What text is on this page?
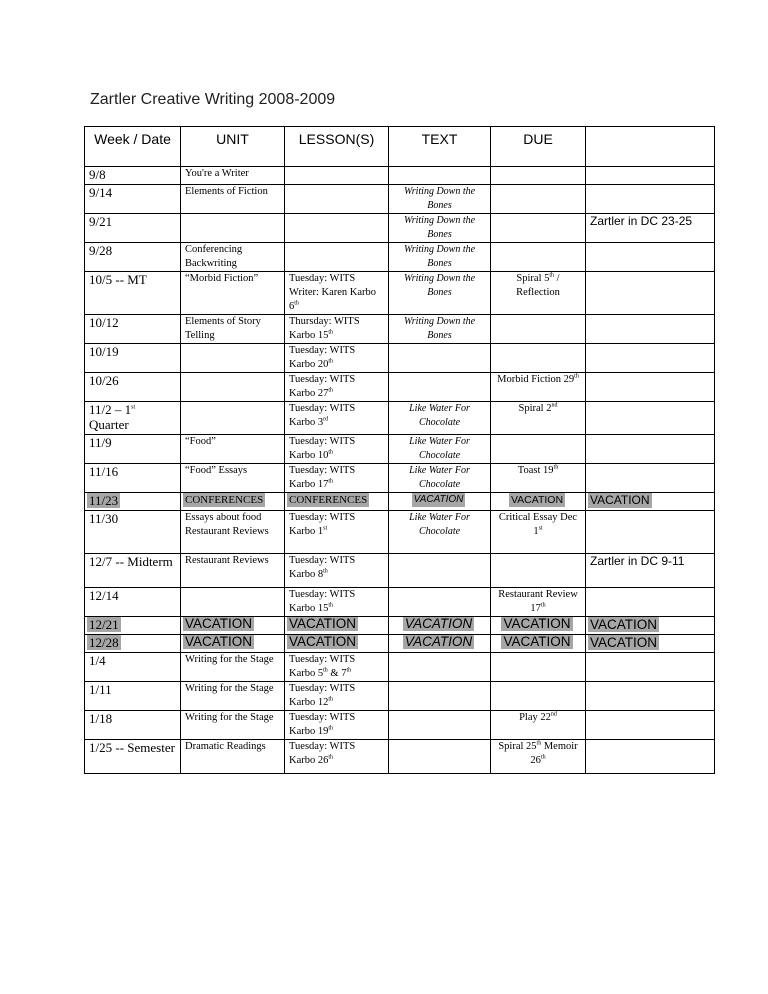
Zartler Creative Writing 2008-2009
Week / Date	UNIT	LESSON(S)	TEXT	DUE	
9/8	You're a Writer				
9/14	Elements of Fiction		Writing Down the Bones		
9/21			Writing Down the Bones		Zartler in DC 23-25
9/28	Conferencing Backwriting		Writing Down the Bones		
10/5 -- MT	“Morbid Fiction”	Tuesday: WITS Writer: Karen Karbo 6th	Writing Down the Bones	Spiral 5th / Reflection	
10/12	Elements of Story Telling	Thursday: WITS Karbo 15th	Writing Down the Bones		
10/19		Tuesday: WITS Karbo 20th			
10/26		Tuesday: WITS Karbo 27th		Morbid Fiction 29th	
11/2 – 1st Quarter		Tuesday: WITS Karbo 3rd	Like Water For Chocolate	Spiral 2nd	
11/9	“Food”	Tuesday: WITS Karbo 10th	Like Water For Chocolate		
11/16	“Food” Essays	Tuesday: WITS Karbo 17th	Like Water For Chocolate	Toast 19th	
11/23	CONFERENCES	CONFERENCES	VACATION	VACATION	VACATION
11/30	Essays about food Restaurant Reviews	Tuesday: WITS Karbo 1st	Like Water For Chocolate	Critical Essay Dec 1st	
12/7 -- Midterm	Restaurant Reviews	Tuesday: WITS Karbo 8th			Zartler in DC 9-11
12/14		Tuesday: WITS Karbo 15th		Restaurant Review 17th	
12/21	VACATION	VACATION	VACATION	VACATION	VACATION
12/28	VACATION	VACATION	VACATION	VACATION	VACATION
1/4	Writing for the Stage	Tuesday: WITS Karbo 5th & 7th			
1/11	Writing for the Stage	Tuesday: WITS Karbo 12th			
1/18	Writing for the Stage	Tuesday: WITS Karbo 19th		Play 22nd	
1/25 -- Semester	Dramatic Readings	Tuesday: WITS Karbo 26th		Spiral 25th Memoir 26th	
